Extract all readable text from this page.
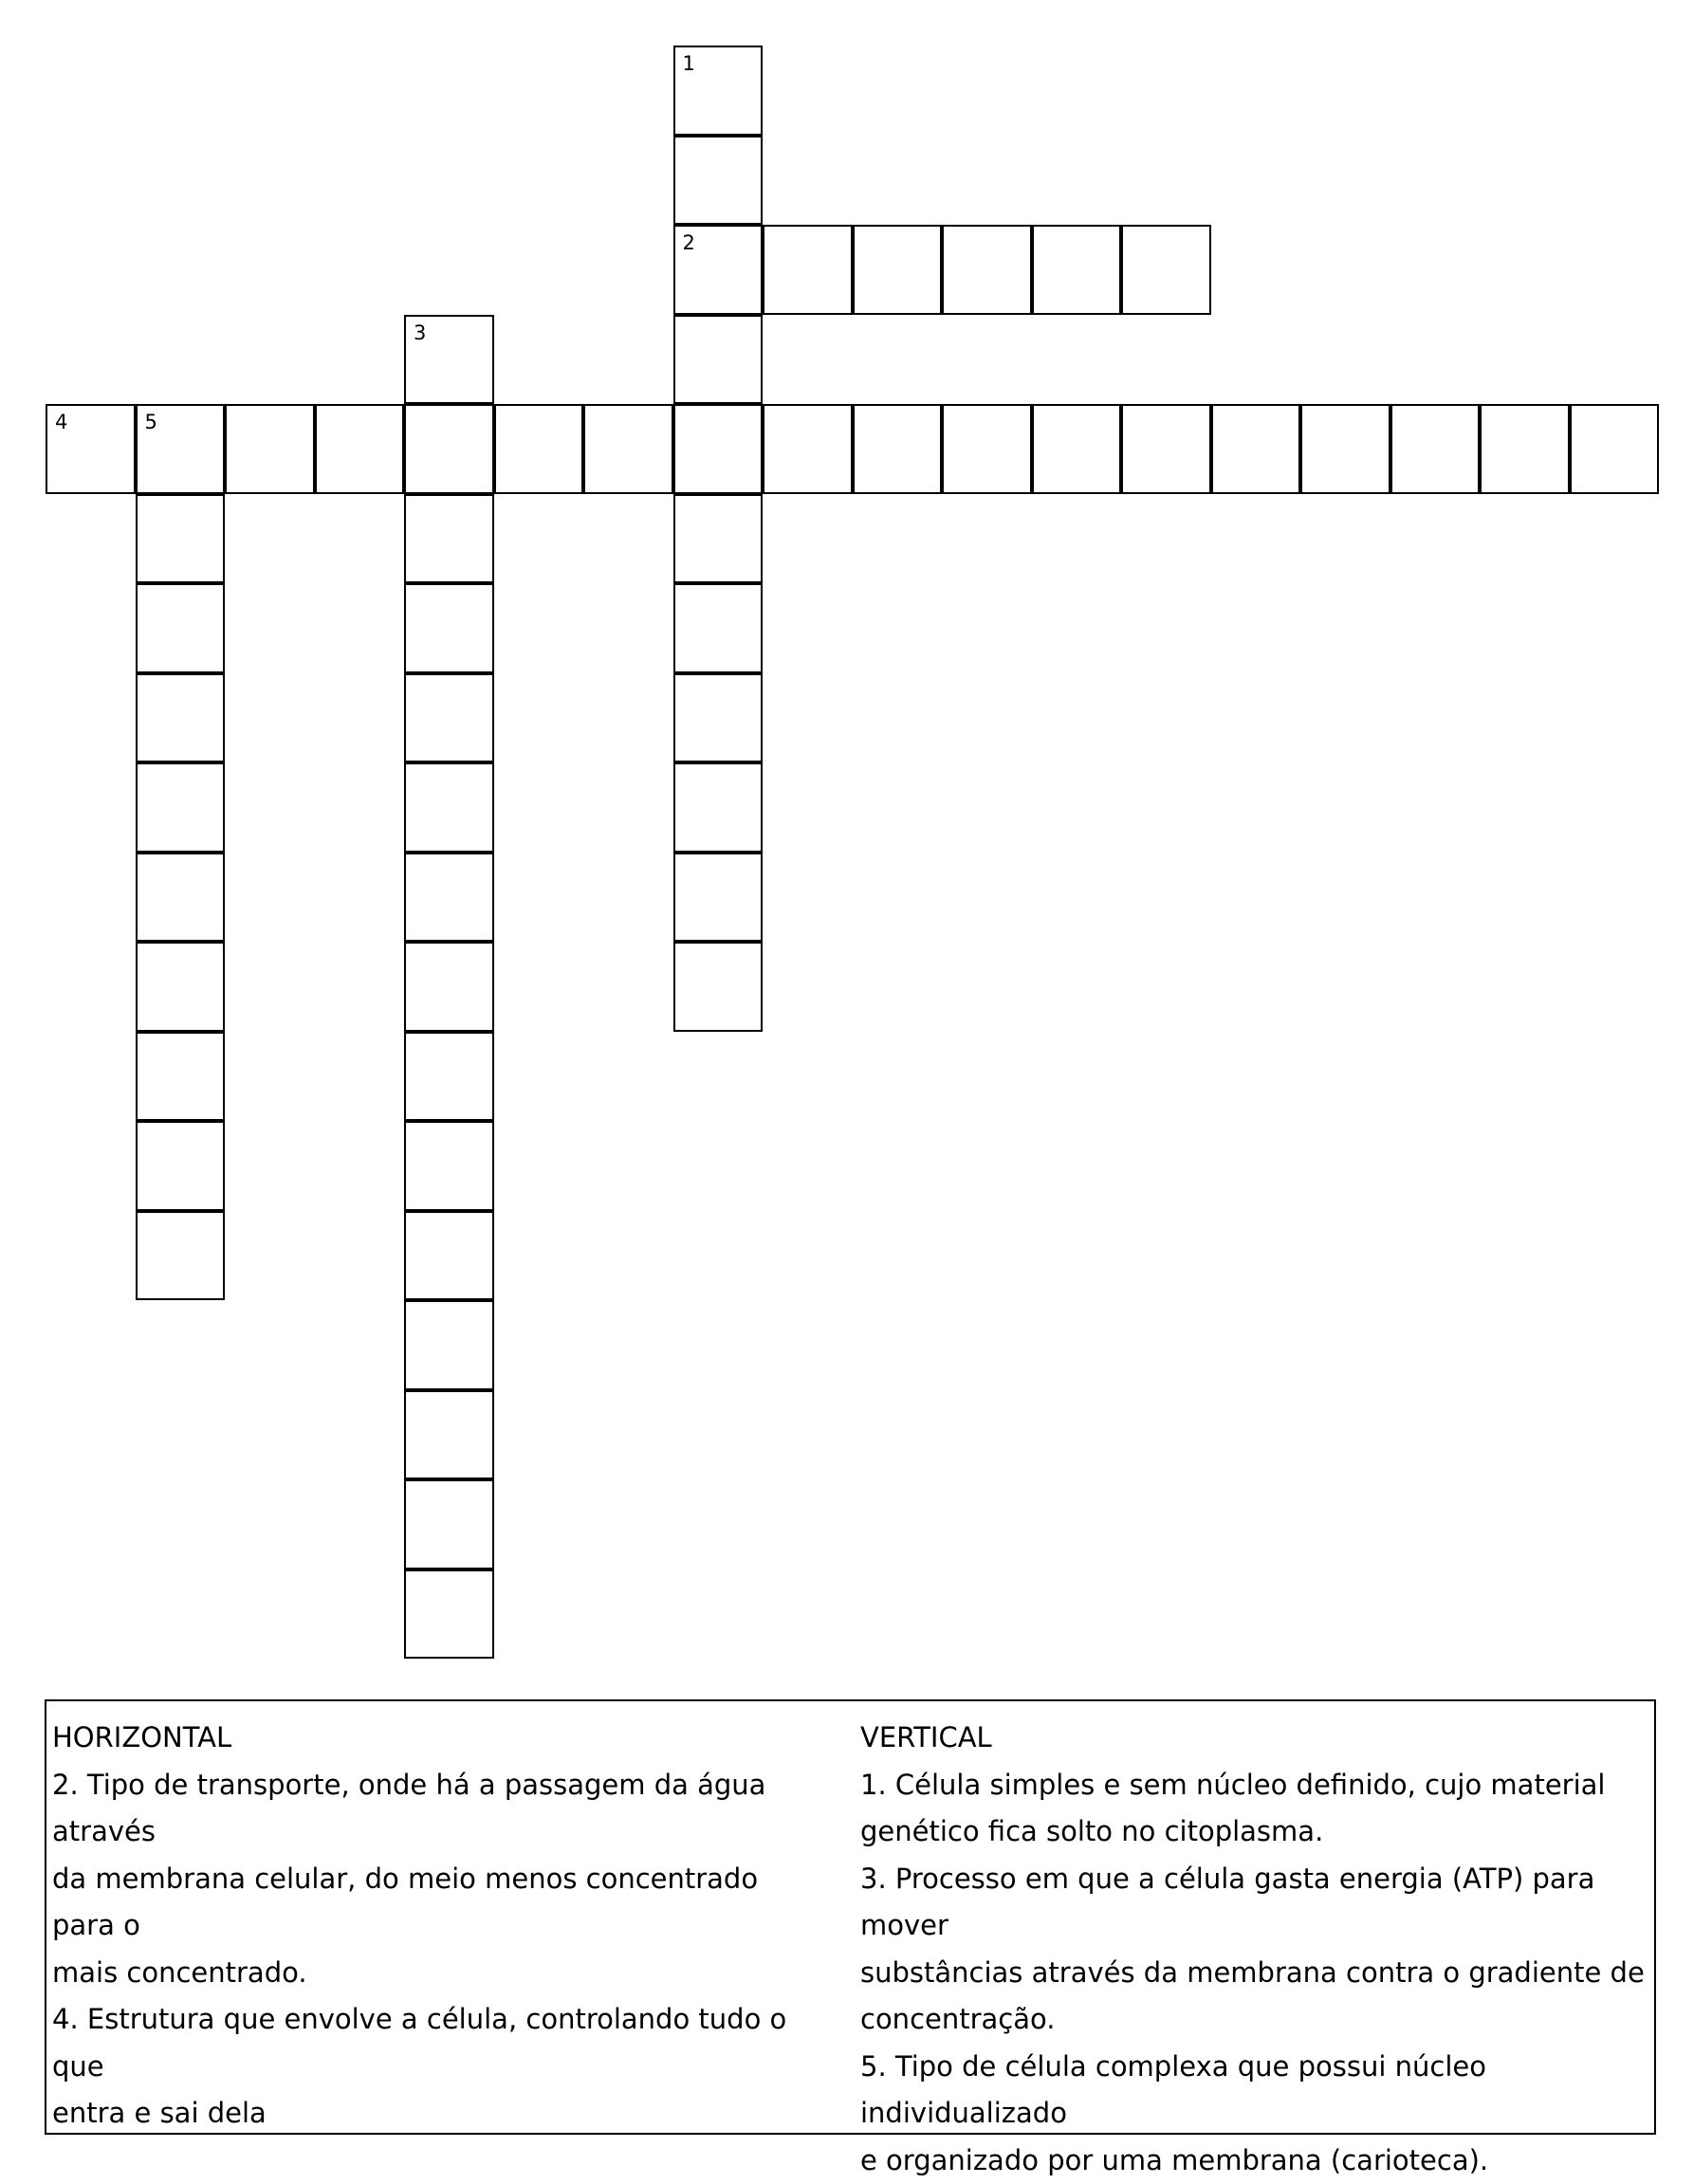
1
2
3
4	5
HORIZONTAL
2. Tipo de transporte, onde há a passagem da água através
da membrana celular, do meio menos concentrado para o
mais concentrado.
4. Estrutura que envolve a célula, controlando tudo o que
entra e sai dela
VERTICAL
1. Célula simples e sem núcleo definido, cujo material
genético fica solto no citoplasma.
3. Processo em que a célula gasta energia (ATP) para mover
substâncias através da membrana contra o gradiente de
concentração.
5. Tipo de célula complexa que possui núcleo individualizado
e organizado por uma membrana (carioteca).
